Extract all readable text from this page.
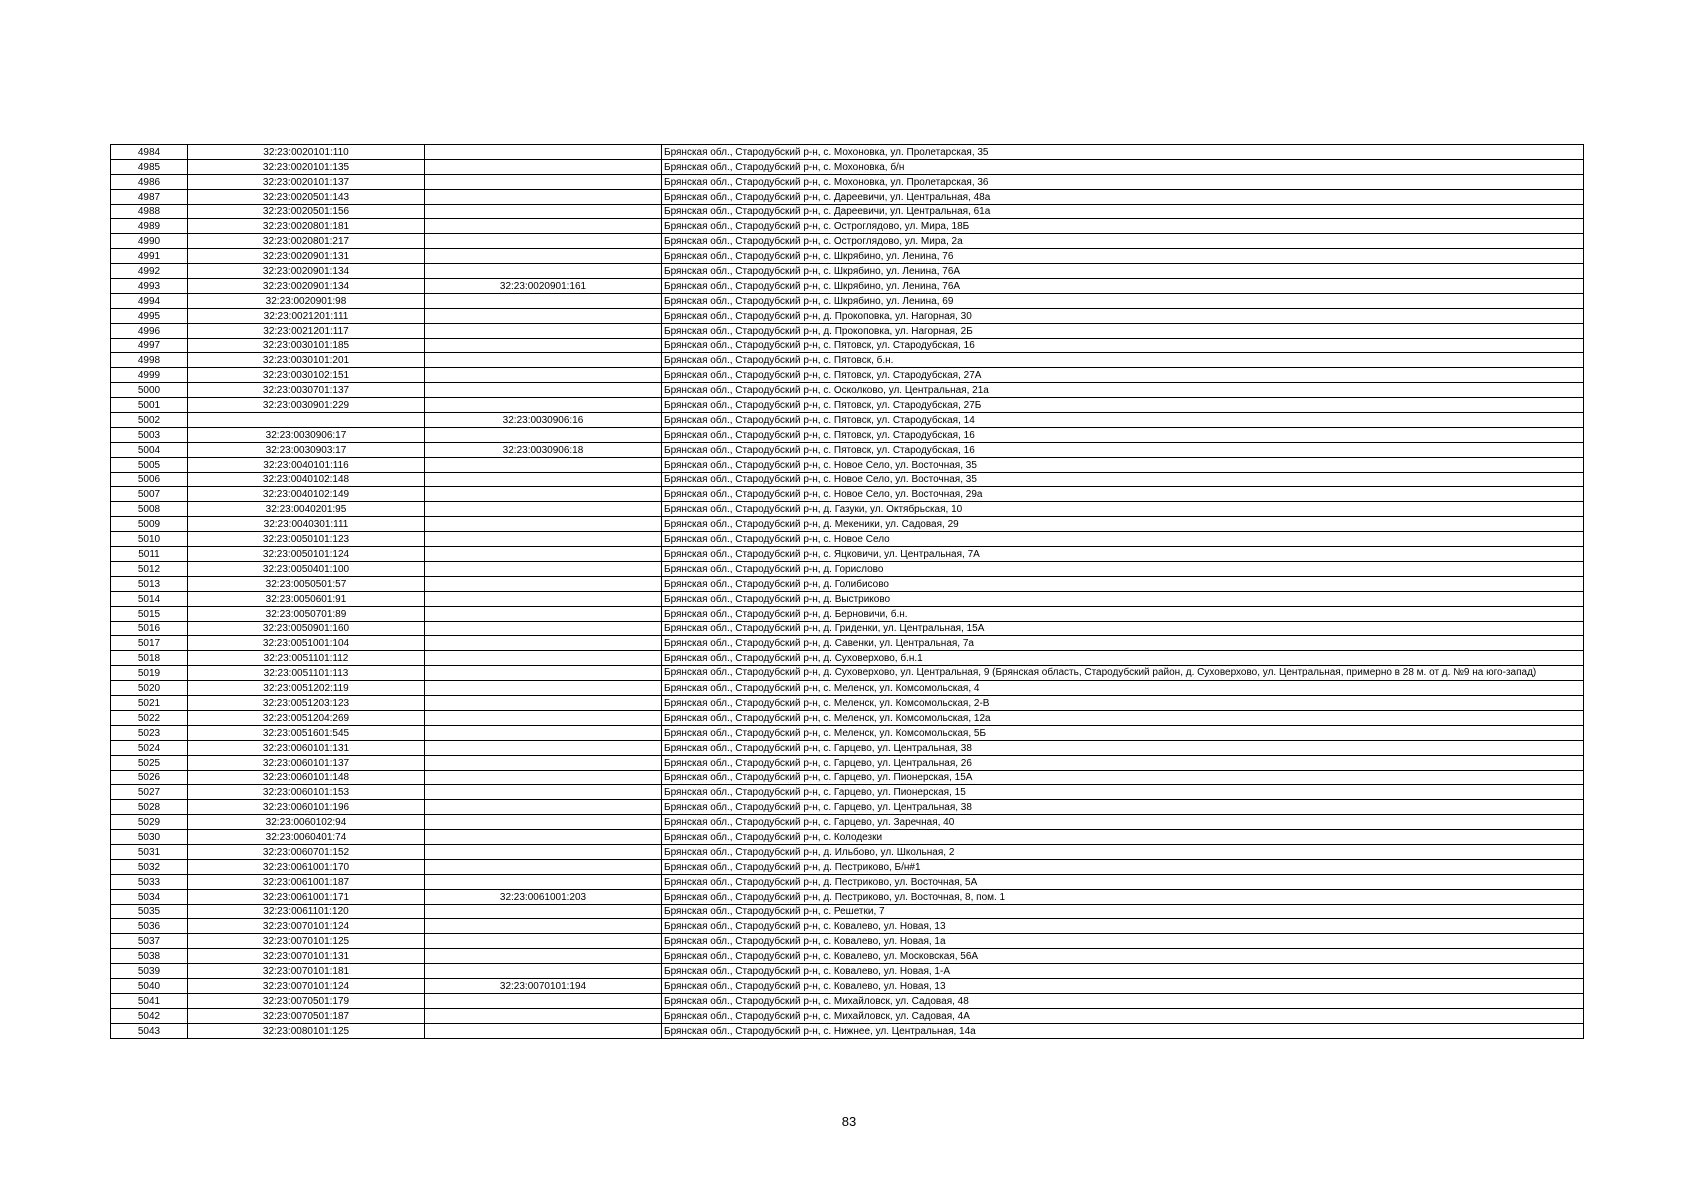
4984	32:23:0020101:110		Брянская обл., Стародубский р-н, с. Мохоновка, ул. Пролетарская, 35
4985	32:23:0020101:135		Брянская обл., Стародубский р-н, с. Мохоновка, б/н
4986	32:23:0020101:137		Брянская обл., Стародубский р-н, с. Мохоновка, ул. Пролетарская, 36
4987	32:23:0020501:143		Брянская обл., Стародубский р-н, с. Дареевичи, ул. Центральная, 48а
4988	32:23:0020501:156		Брянская обл., Стародубский р-н, с. Дареевичи, ул. Центральная, 61а
4989	32:23:0020801:181		Брянская обл., Стародубский р-н, с. Остроглядово, ул. Мира, 18Б
4990	32:23:0020801:217		Брянская обл., Стародубский р-н, с. Остроглядово, ул. Мира, 2а
4991	32:23:0020901:131		Брянская обл., Стародубский р-н, с. Шкрябино, ул. Ленина, 76
4992	32:23:0020901:134		Брянская обл., Стародубский р-н, с. Шкрябино, ул. Ленина, 76А
4993	32:23:0020901:134	32:23:0020901:161	Брянская обл., Стародубский р-н, с. Шкрябино, ул. Ленина, 76А
4994	32:23:0020901:98		Брянская обл., Стародубский р-н, с. Шкрябино, ул. Ленина, 69
4995	32:23:0021201:111		Брянская обл., Стародубский р-н, д. Прокоповка, ул. Нагорная, 30
4996	32:23:0021201:117		Брянская обл., Стародубский р-н, д. Прокоповка, ул. Нагорная, 2Б
4997	32:23:0030101:185		Брянская обл., Стародубский р-н, с. Пятовск, ул. Стародубская, 16
4998	32:23:0030101:201		Брянская обл., Стародубский р-н, с. Пятовск, б.н.
4999	32:23:0030102:151		Брянская обл., Стародубский р-н, с. Пятовск, ул. Стародубская, 27А
5000	32:23:0030701:137		Брянская обл., Стародубский р-н, с. Осколково, ул. Центральная, 21а
5001	32:23:0030901:229		Брянская обл., Стародубский р-н, с. Пятовск, ул. Стародубская, 27Б
5002		32:23:0030906:16	Брянская обл., Стародубский р-н, с. Пятовск, ул. Стародубская, 14
5003	32:23:0030906:17		Брянская обл., Стародубский р-н, с. Пятовск, ул. Стародубская, 16
5004	32:23:0030903:17	32:23:0030906:18	Брянская обл., Стародубский р-н, с. Пятовск, ул. Стародубская, 16
5005	32:23:0040101:116		Брянская обл., Стародубский р-н, с. Новое Село, ул. Восточная, 35
5006	32:23:0040102:148		Брянская обл., Стародубский р-н, с. Новое Село, ул. Восточная, 35
5007	32:23:0040102:149		Брянская обл., Стародубский р-н, с. Новое Село, ул. Восточная, 29а
5008	32:23:0040201:95		Брянская обл., Стародубский р-н, д. Газуки, ул. Октябрьская, 10
5009	32:23:0040301:111		Брянская обл., Стародубский р-н, д. Мекеники, ул. Садовая, 29
5010	32:23:0050101:123		Брянская обл., Стародубский р-н, с. Новое Село
5011	32:23:0050101:124		Брянская обл., Стародубский р-н, с. Яцковичи, ул. Центральная, 7А
5012	32:23:0050401:100		Брянская обл., Стародубский р-н, д. Горислово
5013	32:23:0050501:57		Брянская обл., Стародубский р-н, д. Голибисово
5014	32:23:0050601:91		Брянская обл., Стародубский р-н, д. Выстриково
5015	32:23:0050701:89		Брянская обл., Стародубский р-н, д. Берновичи, б.н.
5016	32:23:0050901:160		Брянская обл., Стародубский р-н, д. Гриденки, ул. Центральная, 15А
5017	32:23:0051001:104		Брянская обл., Стародубский р-н, д. Савенки, ул. Центральная, 7а
5018	32:23:0051101:112		Брянская обл., Стародубский р-н, д. Суховерхово, б.н.1
5019	32:23:0051101:113		Брянская обл., Стародубский р-н, д. Суховерхово, ул. Центральная, 9 (Брянская область, Стародубский район, д. Суховерхово, ул. Центральная, примерно в 28 м. от д. №9 на юго-запад)
5020	32:23:0051202:119		Брянская обл., Стародубский р-н, с. Меленск, ул. Комсомольская, 4
5021	32:23:0051203:123		Брянская обл., Стародубский р-н, с. Меленск, ул. Комсомольская, 2-В
5022	32:23:0051204:269		Брянская обл., Стародубский р-н, с. Меленск, ул. Комсомольская, 12а
5023	32:23:0051601:545		Брянская обл., Стародубский р-н, с. Меленск, ул. Комсомольская, 5Б
5024	32:23:0060101:131		Брянская обл., Стародубский р-н, с. Гарцево, ул. Центральная, 38
5025	32:23:0060101:137		Брянская обл., Стародубский р-н, с. Гарцево, ул. Центральная, 26
5026	32:23:0060101:148		Брянская обл., Стародубский р-н, с. Гарцево, ул. Пионерская, 15А
5027	32:23:0060101:153		Брянская обл., Стародубский р-н, с. Гарцево, ул. Пионерская, 15
5028	32:23:0060101:196		Брянская обл., Стародубский р-н, с. Гарцево, ул. Центральная, 38
5029	32:23:0060102:94		Брянская обл., Стародубский р-н, с. Гарцево, ул. Заречная, 40
5030	32:23:0060401:74		Брянская обл., Стародубский р-н, с. Колодезки
5031	32:23:0060701:152		Брянская обл., Стародубский р-н, д. Ильбово, ул. Школьная, 2
5032	32:23:0061001:170		Брянская обл., Стародубский р-н, д. Пестриково, Б/н#1
5033	32:23:0061001:187		Брянская обл., Стародубский р-н, д. Пестриково, ул. Восточная, 5А
5034	32:23:0061001:171	32:23:0061001:203	Брянская обл., Стародубский р-н, д. Пестриково, ул. Восточная, 8, пом. 1
5035	32:23:0061101:120		Брянская обл., Стародубский р-н, с. Решетки, 7
5036	32:23:0070101:124		Брянская обл., Стародубский р-н, с. Ковалево, ул. Новая, 13
5037	32:23:0070101:125		Брянская обл., Стародубский р-н, с. Ковалево, ул. Новая, 1а
5038	32:23:0070101:131		Брянская обл., Стародубский р-н, с. Ковалево, ул. Московская, 56А
5039	32:23:0070101:181		Брянская обл., Стародубский р-н, с. Ковалево, ул. Новая, 1-А
5040	32:23:0070101:124	32:23:0070101:194	Брянская обл., Стародубский р-н, с. Ковалево, ул. Новая, 13
5041	32:23:0070501:179		Брянская обл., Стародубский р-н, с. Михайловск, ул. Садовая, 48
5042	32:23:0070501:187		Брянская обл., Стародубский р-н, с. Михайловск, ул. Садовая, 4А
5043	32:23:0080101:125		Брянская обл., Стародубский р-н, с. Нижнее, ул. Центральная, 14а
83
